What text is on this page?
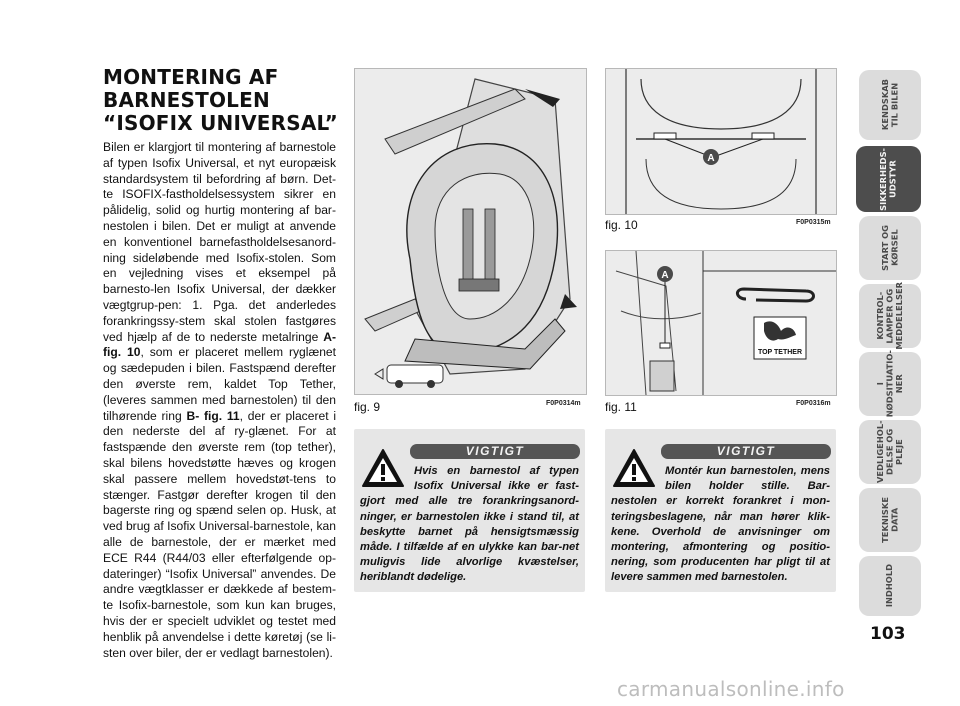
MONTERING AF
BARNESTOLEN
“ISOFIX UNIVERSAL”
Bilen er klargjort til montering af barnestole af typen Isofix Universal, et nyt europæisk standardsystem til befordring af børn. Det-te ISOFIX-fastholdelsessystem sikrer en pålidelig, solid og hurtig montering af bar-nestolen i bilen. Det er muligt at anvende en konventionel barnefastholdelsesanord-ning sideløbende med Isofix-stolen. Som en vejledning vises et eksempel på barnesto-len Isofix Universal, der dækker vægtgrup-pen: 1. Pga. det anderledes forankringssy-stem skal stolen fastgøres ved hjælp af de to nederste metalringe A-fig. 10, som er placeret mellem ryglænet og sædepuden i bilen. Fastspænd derefter den øverste rem, kaldet Top Tether, (leveres sammen med barnestolen) til den tilhørende ring B- fig. 11, der er placeret i den nederste del af ry-glænet. For at fastspænde den øverste rem (top tether), skal bilens hovedstøtte hæves og krogen skal passere mellem hovedstøt-tens to stænger. Fastgør derefter krogen til den bagerste ring og spænd selen op. Husk, at ved brug af Isofix Universal-barnestole, kan alle de barnestole, der er mærket med ECE R44 (R44/03 eller efterfølgende op-dateringer) “Isofix Universal” anvendes. De andre vægtklasser er dækkede af bestem-te Isofix-barnestole, som kun kan bruges, hvis der er specielt udviklet og testet med henblik på anvendelse i dette køretøj (se li-sten over biler, der er vedlagt barnestolen).
fig. 9	F0P0314m
A
fig. 10	F0P0315m
A
TOP TETHER
fig. 11	F0P0316m
VIGTIGT
Hvis en barnestol af typen Isofix Universal ikke er fast-gjort med alle tre forankringsanord-ninger, er barnestolen ikke i stand til, at beskytte barnet på hensigtsmæssig måde. I tilfælde af en ulykke kan bar-net muligvis lide alvorlige kvæstelser, heriblandt dødelige.
VIGTIGT
Montér kun barnestolen, mens bilen holder stille. Bar-nestolen er korrekt forankret i mon-teringsbeslagene, når man hører klik-kene. Overhold de anvisninger om montering, afmontering og positio-nering, som producenten har pligt til at levere sammen med barnestolen.
KENDSKAB
TIL BILEN
SIKKERHEDS-
UDSTYR
START OG
KØRSEL
KONTROL-
LAMPER OG
MEDDELELSER
I
NØDSITUATIO-
NER
VEDLIGEHOL-
DELSE OG PLEJE
TEKNISKE
DATA
INDHOLD
103
carmanualsonline.info
